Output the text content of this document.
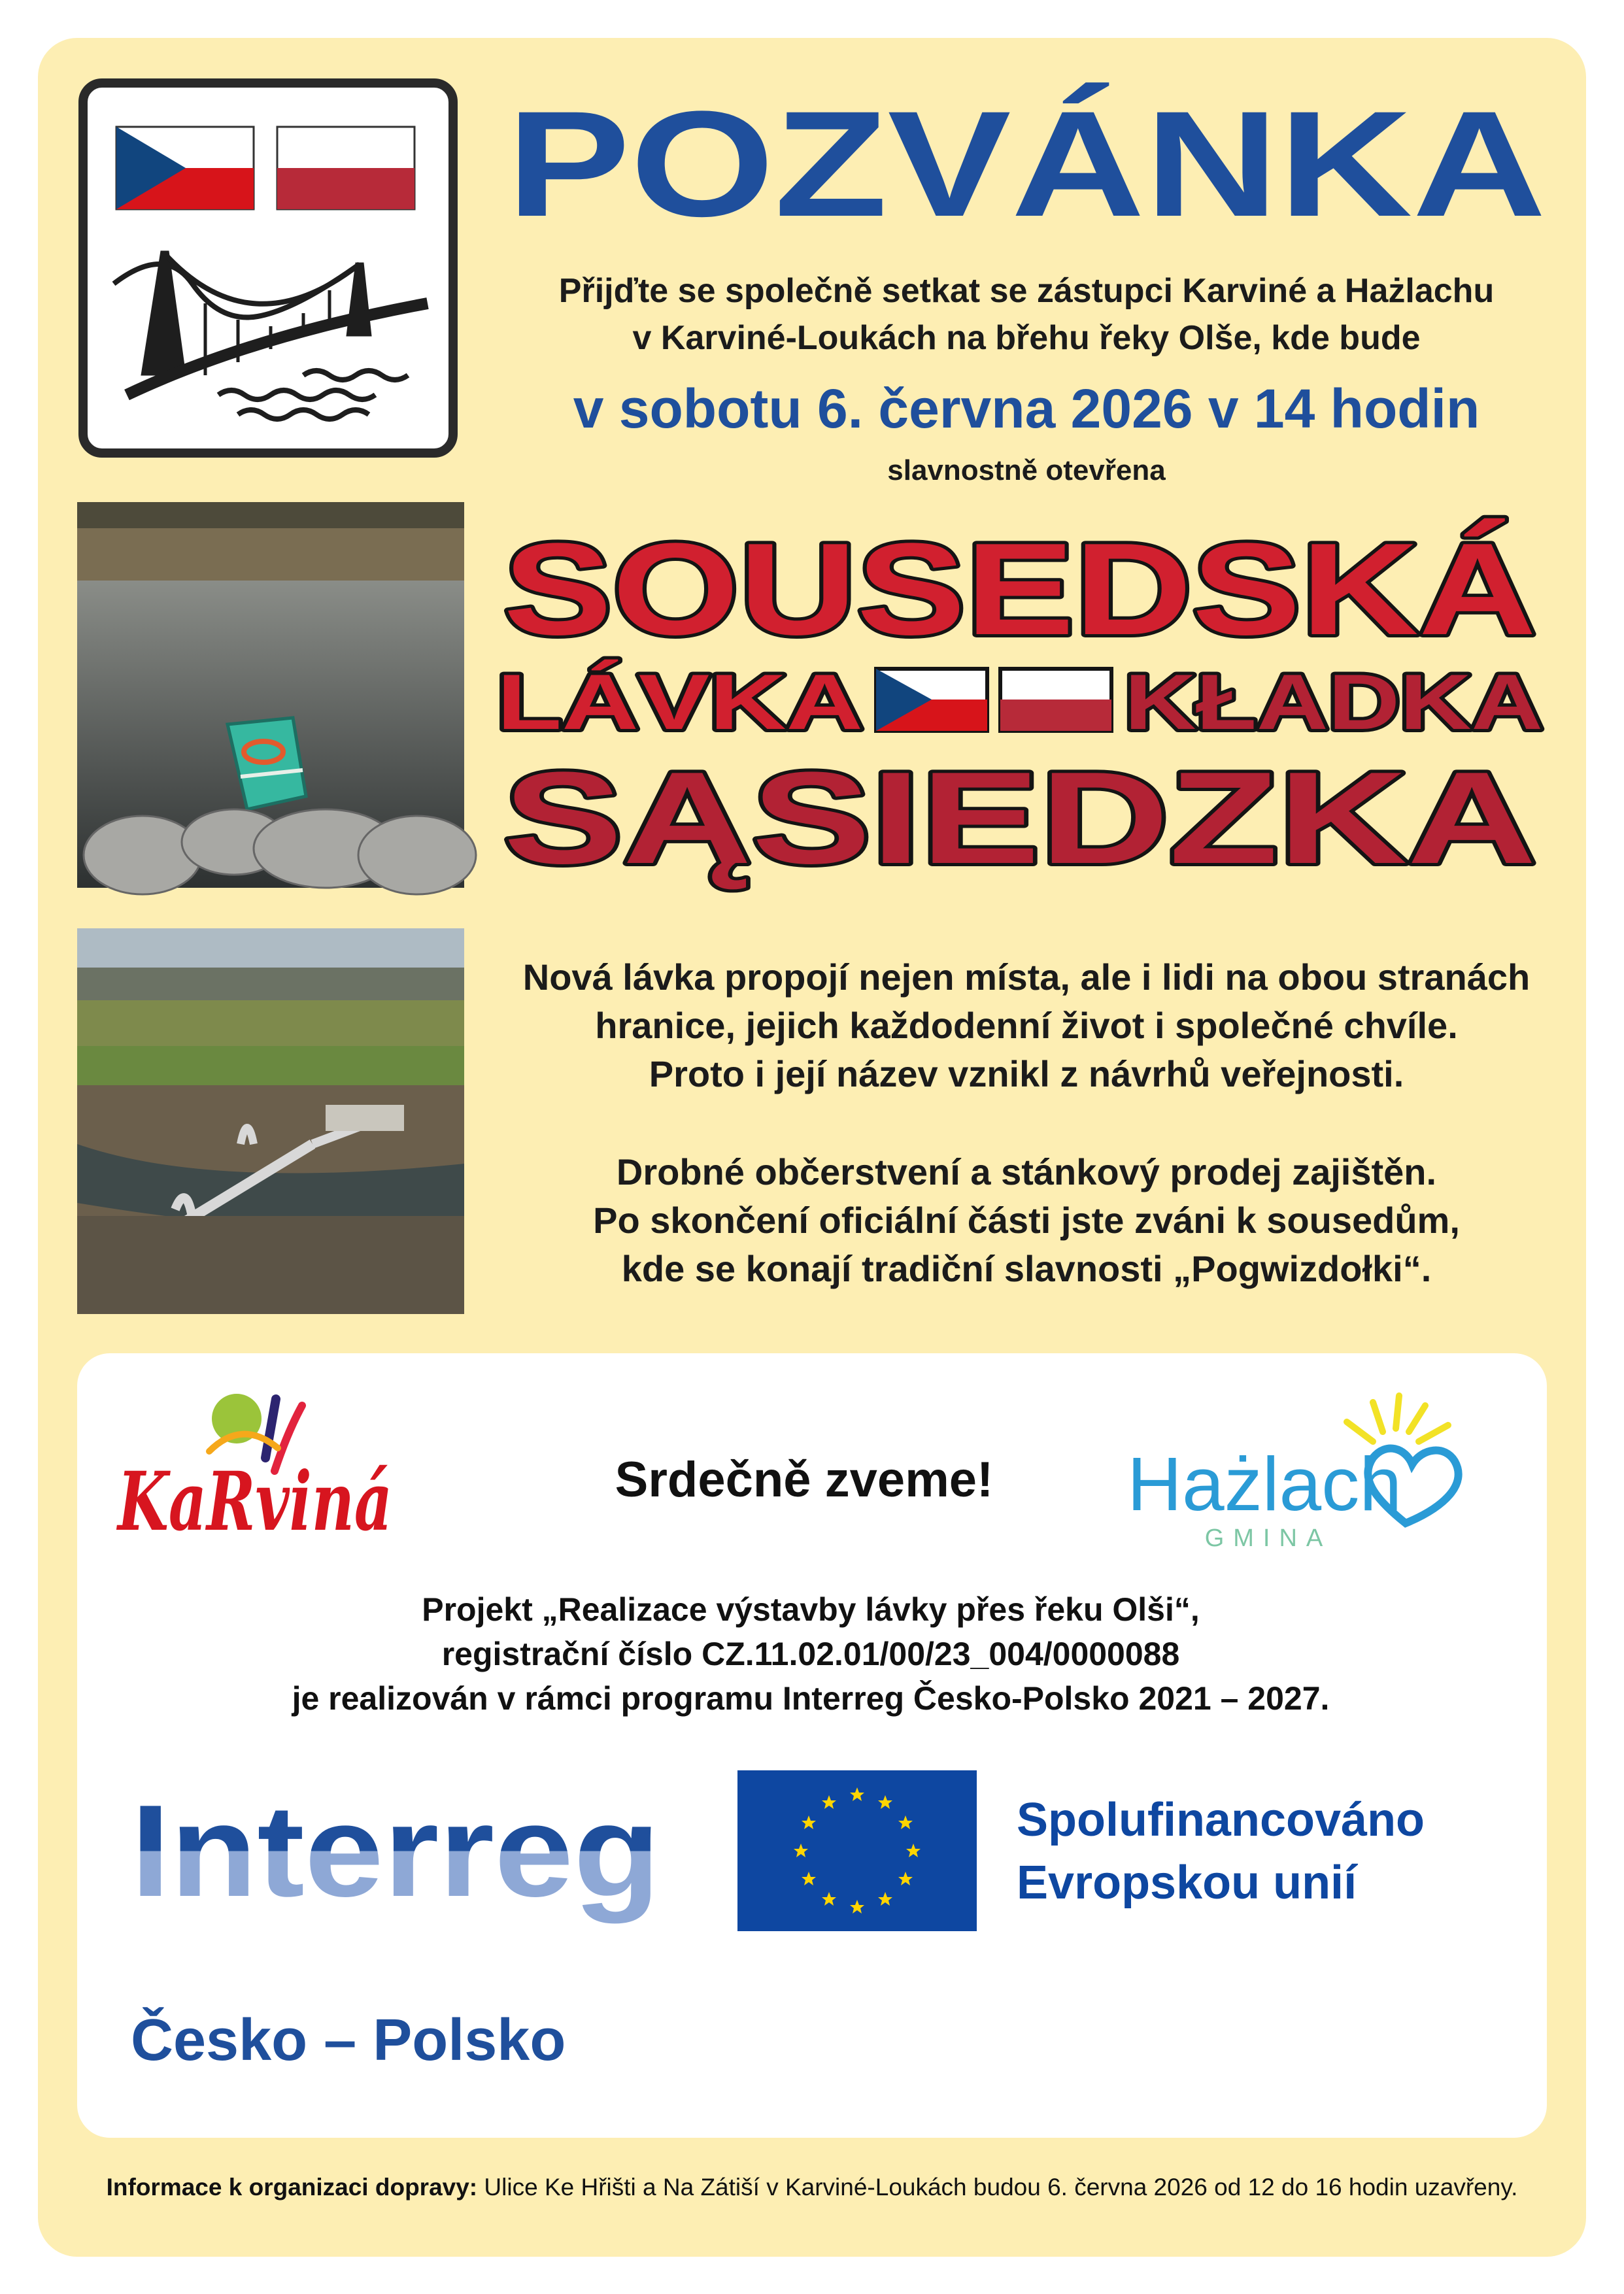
POZVÁNKA
Přijďte se společně setkat se zástupci Karviné a Hażlachu
v Karviné-Loukách na břehu řeky Olše, kde bude
v sobotu 6. června 2026 v 14 hodin
slavnostně otevřena
SOUSEDSKÁ
LÁVKA	KŁADKA
SĄSIEDZKA
Nová lávka propojí nejen místa, ale i lidi na obou stranách
hranice, jejich každodenní život i společné chvíle.
Proto i její název vznikl z návrhů veřejnosti.
Drobné občerstvení a stánkový prodej zajištěn.
Po skončení oficiální části jste zváni k sousedům,
kde se konají tradiční slavnosti „Pogwizdołki“.
KaRviná	Srdečně zveme!	Hażlach
GMINA
Projekt „Realizace výstavby lávky přes řeku Olši“,
registrační číslo CZ.11.02.01/00/23_004/0000088
je realizován v rámci programu Interreg Česko-Polsko 2021 – 2027.
Interreg	Spolufinancováno
Evropskou unií
Česko – Polsko
Informace k organizaci dopravy: Ulice Ke Hřišti a Na Zátiší v Karviné-Loukách budou 6. června 2026 od 12 do 16 hodin uzavřeny.
